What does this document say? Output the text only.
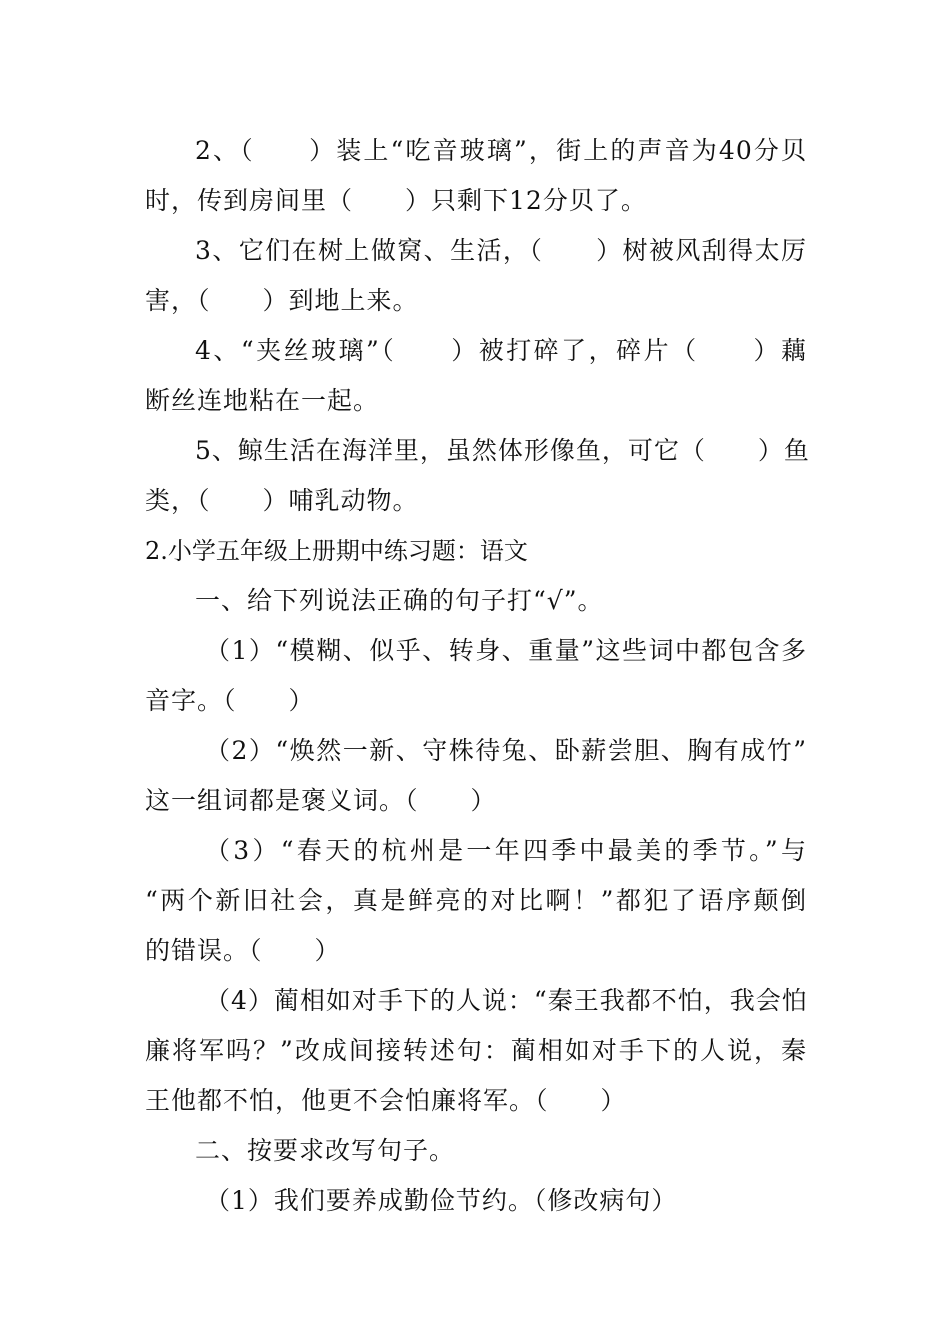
2、（　　）装上“吃音玻璃”，街上的声音为40分贝
时，传到房间里（　　）只剩下12分贝了。
3、它们在树上做窝、生活，（　　）树被风刮得太厉
害，（　　）到地上来。
4、“夹丝玻璃”（　　）被打碎了，碎片（　　）藕
断丝连地粘在一起。
5、鲸生活在海洋里，虽然体形像鱼，可它（　　）鱼
类，（　　）哺乳动物。
2.小学五年级上册期中练习题：语文
一、给下列说法正确的句子打“√”。
（1）“模糊、似乎、转身、重量”这些词中都包含多
音字。（　　）
（2）“焕然一新、守株待兔、卧薪尝胆、胸有成竹”
这一组词都是褒义词。（　　）
（3）“春天的杭州是一年四季中最美的季节。”与
“两个新旧社会，真是鲜亮的对比啊！”都犯了语序颠倒
的错误。（　　）
（4）蔺相如对手下的人说：“秦王我都不怕，我会怕
廉将军吗？”改成间接转述句：蔺相如对手下的人说，秦
王他都不怕，他更不会怕廉将军。（　　）
二、按要求改写句子。
（1）我们要养成勤俭节约。（修改病句）
